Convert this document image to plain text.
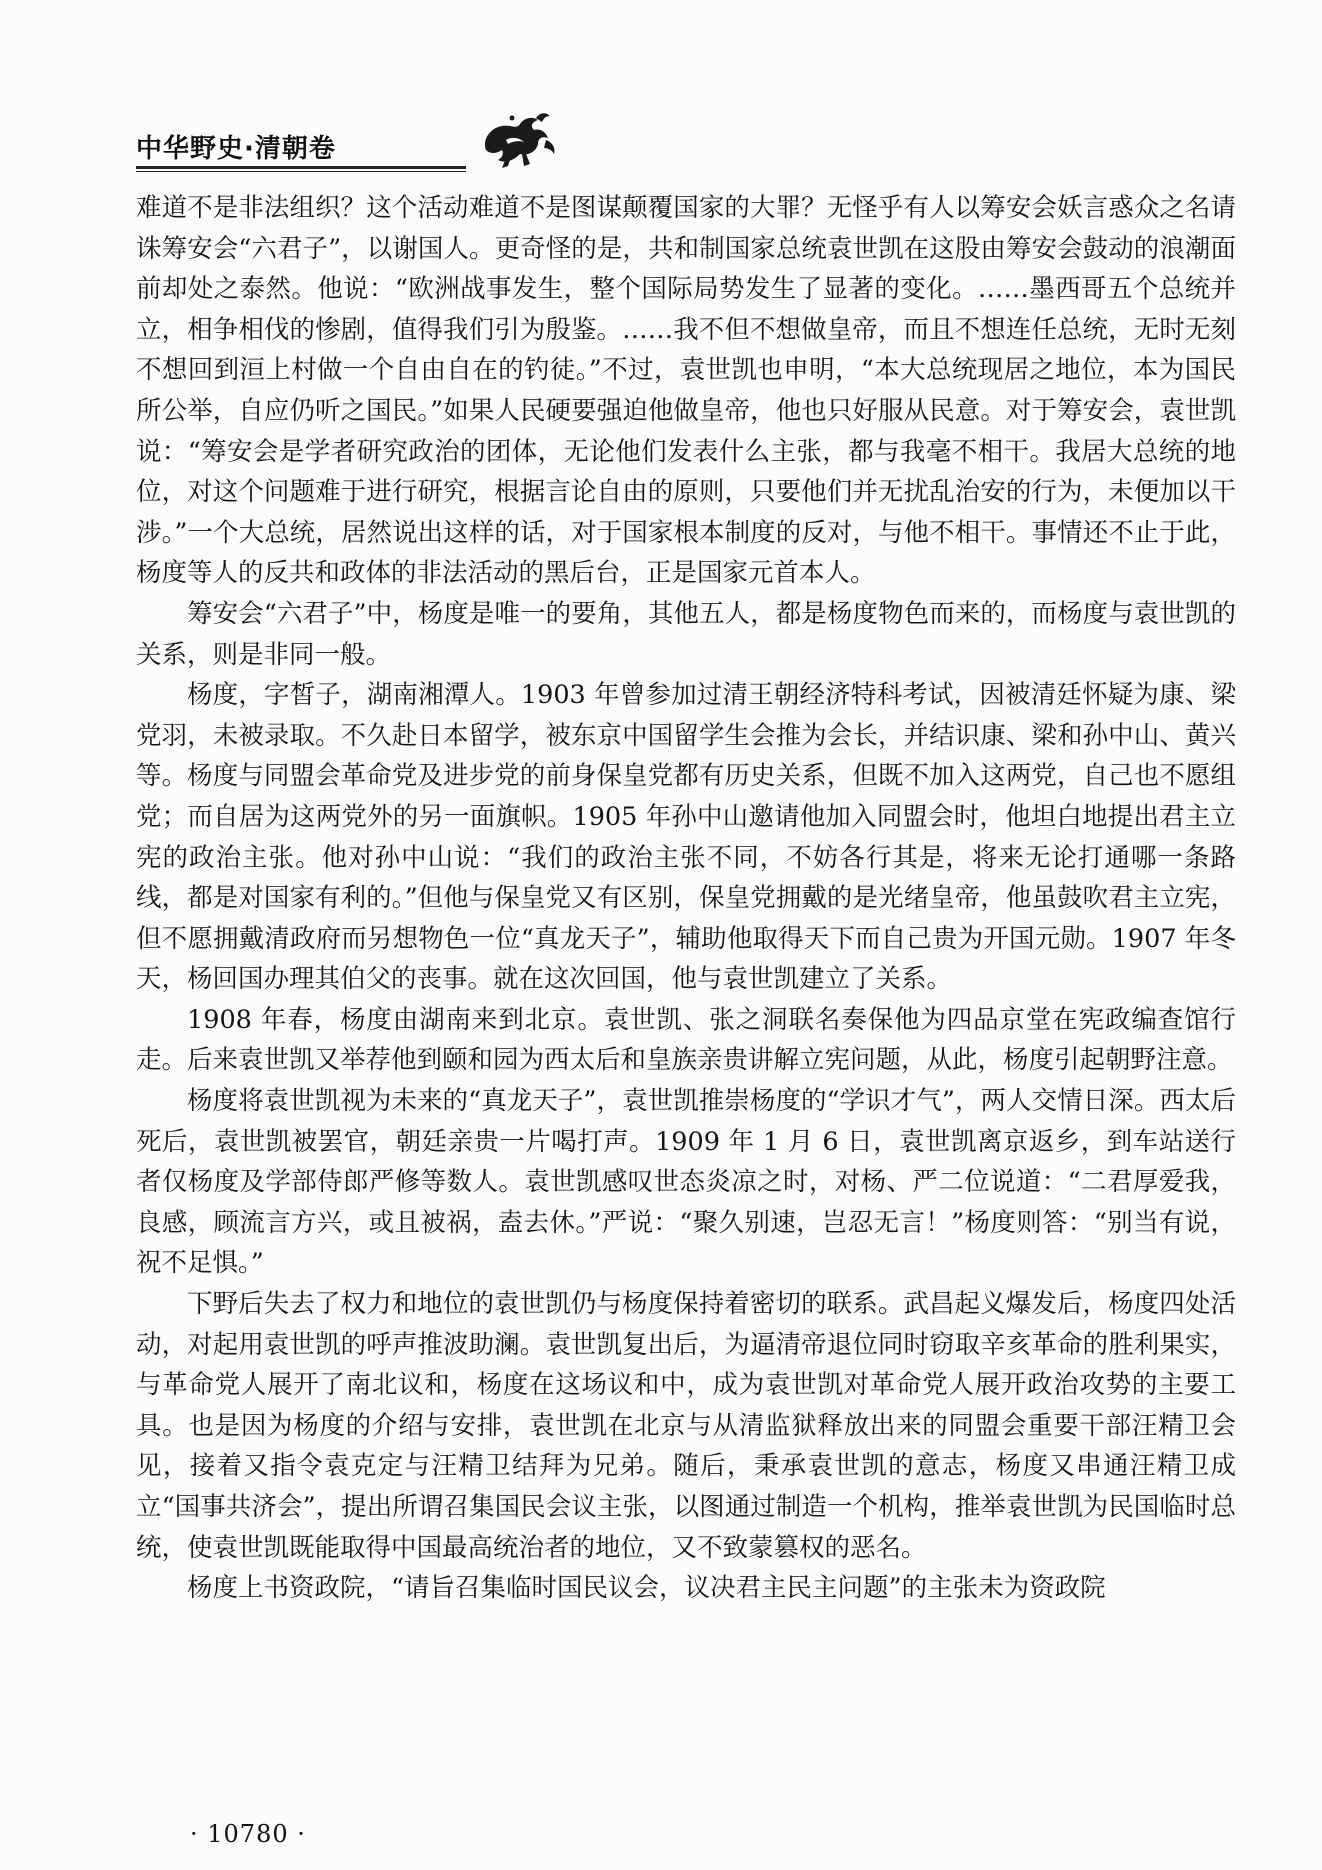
中华野史·清朝卷

难道不是非法组织？这个活动难道不是图谋颠覆国家的大罪？无怪乎有人以筹安会妖言惑众之名请诛筹安会“六君子”，以谢国人。更奇怪的是，共和制国家总统袁世凯在这股由筹安会鼓动的浪潮面前却处之泰然。他说：“欧洲战事发生，整个国际局势发生了显著的变化。……墨西哥五个总统并立，相争相伐的惨剧，值得我们引为殷鉴。……我不但不想做皇帝，而且不想连任总统，无时无刻不想回到洹上村做一个自由自在的钓徒。”不过，袁世凯也申明，“本大总统现居之地位，本为国民所公举，自应仍听之国民。”如果人民硬要强迫他做皇帝，他也只好服从民意。对于筹安会，袁世凯说：“筹安会是学者研究政治的团体，无论他们发表什么主张，都与我毫不相干。我居大总统的地位，对这个问题难于进行研究，根据言论自由的原则，只要他们并无扰乱治安的行为，未便加以干涉。”一个大总统，居然说出这样的话，对于国家根本制度的反对，与他不相干。事情还不止于此，杨度等人的反共和政体的非法活动的黑后台，正是国家元首本人。

筹安会“六君子”中，杨度是唯一的要角，其他五人，都是杨度物色而来的，而杨度与袁世凯的关系，则是非同一般。

杨度，字皙子，湖南湘潭人。1903 年曾参加过清王朝经济特科考试，因被清廷怀疑为康、梁党羽，未被录取。不久赴日本留学，被东京中国留学生会推为会长，并结识康、梁和孙中山、黄兴等。杨度与同盟会革命党及进步党的前身保皇党都有历史关系，但既不加入这两党，自己也不愿组党；而自居为这两党外的另一面旗帜。1905 年孙中山邀请他加入同盟会时，他坦白地提出君主立宪的政治主张。他对孙中山说：“我们的政治主张不同，不妨各行其是，将来无论打通哪一条路线，都是对国家有利的。”但他与保皇党又有区别，保皇党拥戴的是光绪皇帝，他虽鼓吹君主立宪，但不愿拥戴清政府而另想物色一位“真龙天子”，辅助他取得天下而自己贵为开国元勋。1907 年冬天，杨回国办理其伯父的丧事。就在这次回国，他与袁世凯建立了关系。

1908 年春，杨度由湖南来到北京。袁世凯、张之洞联名奏保他为四品京堂在宪政编查馆行走。后来袁世凯又举荐他到颐和园为西太后和皇族亲贵讲解立宪问题，从此，杨度引起朝野注意。

杨度将袁世凯视为未来的“真龙天子”，袁世凯推崇杨度的“学识才气”，两人交情日深。西太后死后，袁世凯被罢官，朝廷亲贵一片喝打声。1909 年 1 月 6 日，袁世凯离京返乡，到车站送行者仅杨度及学部侍郎严修等数人。袁世凯感叹世态炎凉之时，对杨、严二位说道：“二君厚爱我，良感，顾流言方兴，或且被祸，盍去休。”严说：“聚久别速，岂忍无言！”杨度则答：“别当有说，祝不足惧。”

下野后失去了权力和地位的袁世凯仍与杨度保持着密切的联系。武昌起义爆发后，杨度四处活动，对起用袁世凯的呼声推波助澜。袁世凯复出后，为逼清帝退位同时窃取辛亥革命的胜利果实，与革命党人展开了南北议和，杨度在这场议和中，成为袁世凯对革命党人展开政治攻势的主要工具。也是因为杨度的介绍与安排，袁世凯在北京与从清监狱释放出来的同盟会重要干部汪精卫会见，接着又指令袁克定与汪精卫结拜为兄弟。随后，秉承袁世凯的意志，杨度又串通汪精卫成立“国事共济会”，提出所谓召集国民会议主张，以图通过制造一个机构，推举袁世凯为民国临时总统，使袁世凯既能取得中国最高统治者的地位，又不致蒙篡权的恶名。

杨度上书资政院，“请旨召集临时国民议会，议决君主民主问题”的主张未为资政院

· 10780 ·
